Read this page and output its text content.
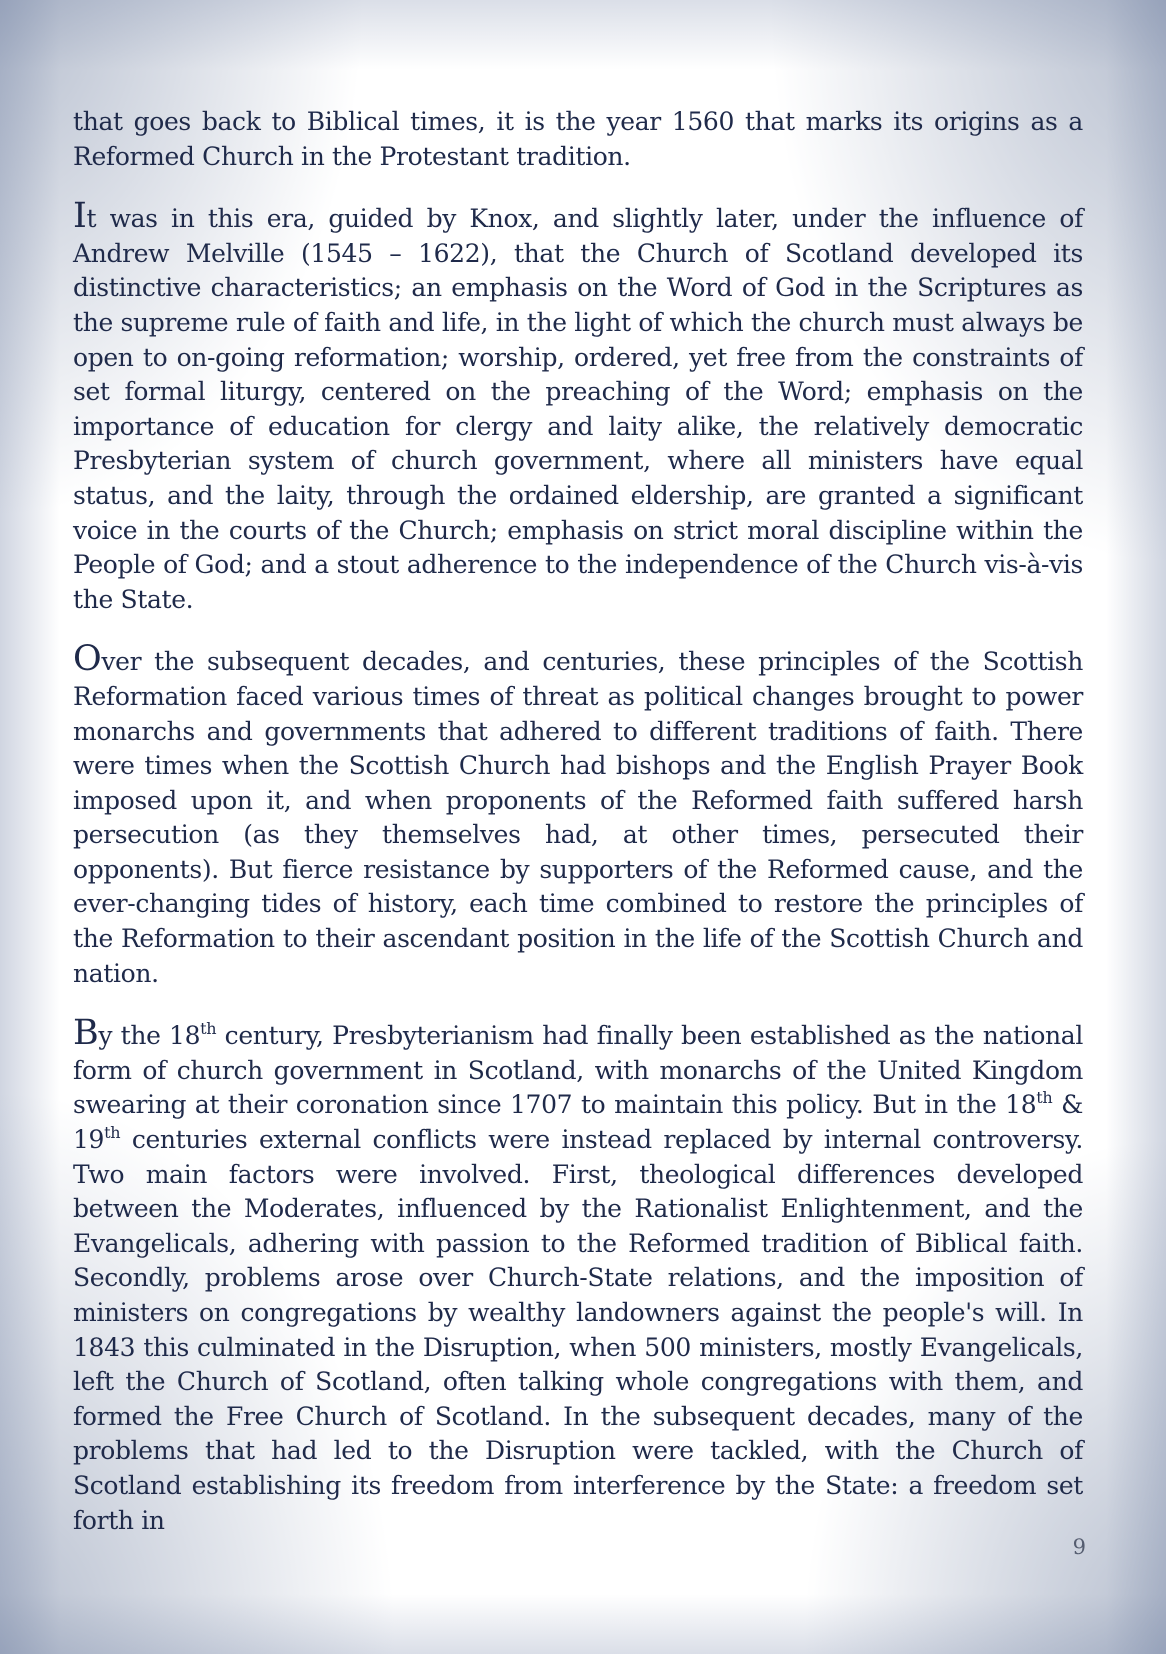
that goes back to Biblical times, it is the year 1560 that marks its origins as a Reformed Church in the Protestant tradition.

It was in this era, guided by Knox, and slightly later, under the influence of Andrew Melville (1545 – 1622), that the Church of Scotland developed its distinctive characteristics; an emphasis on the Word of God in the Scriptures as the supreme rule of faith and life, in the light of which the church must always be open to on-going reformation; worship, ordered, yet free from the constraints of set formal liturgy, centered on the preaching of the Word; emphasis on the importance of education for clergy and laity alike, the relatively democratic Presbyterian system of church government, where all ministers have equal status, and the laity, through the ordained eldership, are granted a significant voice in the courts of the Church; emphasis on strict moral discipline within the People of God; and a stout adherence to the independence of the Church vis-à-vis the State.

Over the subsequent decades, and centuries, these principles of the Scottish Reformation faced various times of threat as political changes brought to power monarchs and governments that adhered to different traditions of faith. There were times when the Scottish Church had bishops and the English Prayer Book imposed upon it, and when proponents of the Reformed faith suffered harsh persecution (as they themselves had, at other times, persecuted their opponents). But fierce resistance by supporters of the Reformed cause, and the ever-changing tides of history, each time combined to restore the principles of the Reformation to their ascendant position in the life of the Scottish Church and nation.

By the 18th century, Presbyterianism had finally been established as the national form of church government in Scotland, with monarchs of the United Kingdom swearing at their coronation since 1707 to maintain this policy. But in the 18th & 19th centuries external conflicts were instead replaced by internal controversy. Two main factors were involved. First, theological differences developed between the Moderates, influenced by the Rationalist Enlightenment, and the Evangelicals, adhering with passion to the Reformed tradition of Biblical faith. Secondly, problems arose over Church-State relations, and the imposition of ministers on congregations by wealthy landowners against the people's will. In 1843 this culminated in the Disruption, when 500 ministers, mostly Evangelicals, left the Church of Scotland, often talking whole congregations with them, and formed the Free Church of Scotland. In the subsequent decades, many of the problems that had led to the Disruption were tackled, with the Church of Scotland establishing its freedom from interference by the State: a freedom set forth in

9
